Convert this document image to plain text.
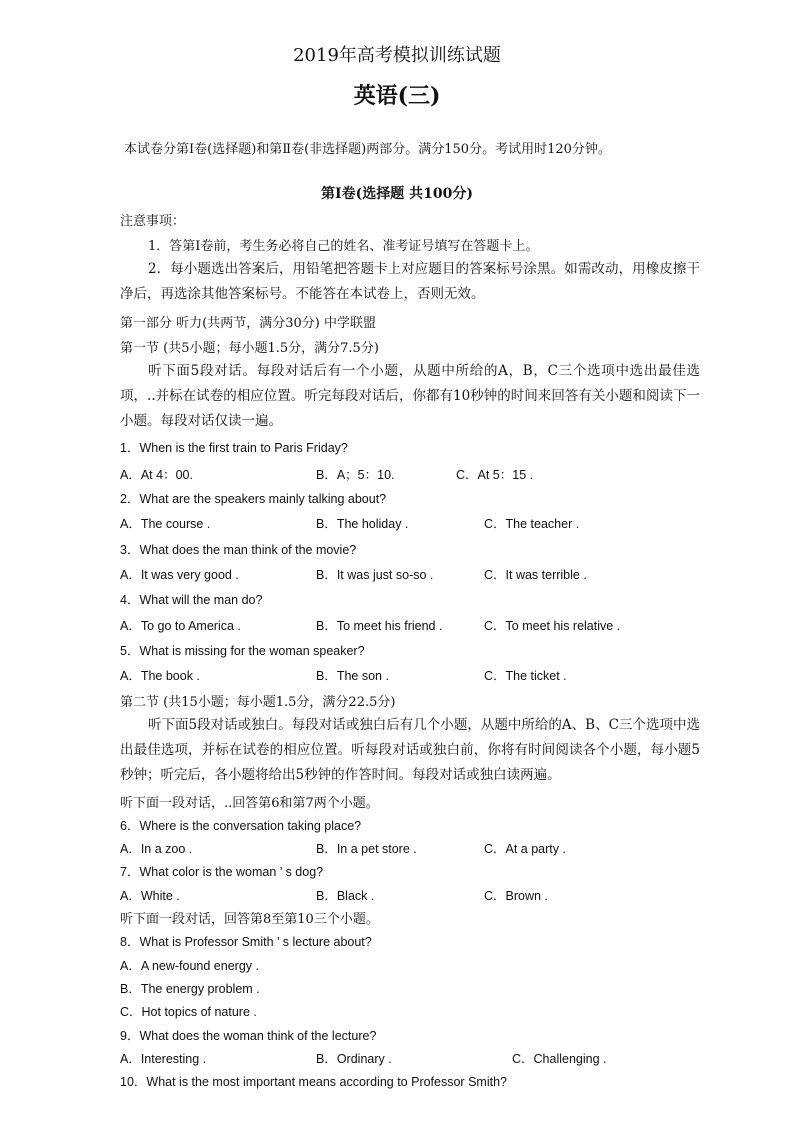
2019年高考模拟训练试题
英语(三)
本试卷分第Ⅰ卷(选择题)和第Ⅱ卷(非选择题)两部分。满分150分。考试用时120分钟。
第Ⅰ卷(选择题 共100分)
注意事项：
1．答第Ⅰ卷前，考生务必将自己的姓名、准考证号填写在答题卡上。
2．每小题选出答案后，用铅笔把答题卡上对应题目的答案标号涂黑。如需改动，用橡皮擦干净后，再选涂其他答案标号。不能答在本试卷上，否则无效。
第一部分 听力(共两节，满分30分) 中学联盟
第一节 (共5小题；每小题1.5分，满分7.5分)
听下面5段对话。每段对话后有一个小题，从题中所给的A，B，C三个选项中选出最佳选项，..并标在试卷的相应位置。听完每段对话后，你都有10秒钟的时间来回答有关小题和阅读下一小题。每段对话仅读一遍。
1．When is the first train to Paris Friday?
A．At 4：00.	B．A；5：10.	C．At 5：15 .
2．What are the speakers mainly talking about?
A．The course .	B．The holiday .	C．The teacher .
3．What does the man think of the movie?
A．It was very good .	B．It was just so-so .	C．It was terrible .
4．What will the man do?
A．To go to America .	B．To meet his friend .	C．To meet his relative .
5．What is missing for the woman speaker?
A．The book .	B．The son .	C．The ticket .
第二节 (共15小题；每小题1.5分，满分22.5分)
听下面5段对话或独白。每段对话或独白后有几个小题，从题中所给的A、B、C三个选项中选出最佳选项，并标在试卷的相应位置。听每段对话或独白前，你将有时间阅读各个小题，每小题5秒钟；听完后，各小题将给出5秒钟的作答时间。每段对话或独白读两遍。
听下面一段对话，..回答第6和第7两个小题。
6．Where is the conversation taking place?
A．In a zoo .	B．In a pet store .	C．At a party .
7．What color is the woman ’ s dog?
A．White .	B．Black .	C．Brown .
听下面一段对话，回答第8至第10三个小题。
8．What is Professor Smith ’ s lecture about?
A．A new-found energy .
B．The energy problem .
C．Hot topics of nature .
9．What does the woman think of the lecture?
A．Interesting .	B．Ordinary .	C．Challenging .
10．What is the most important means according to Professor Smith?
